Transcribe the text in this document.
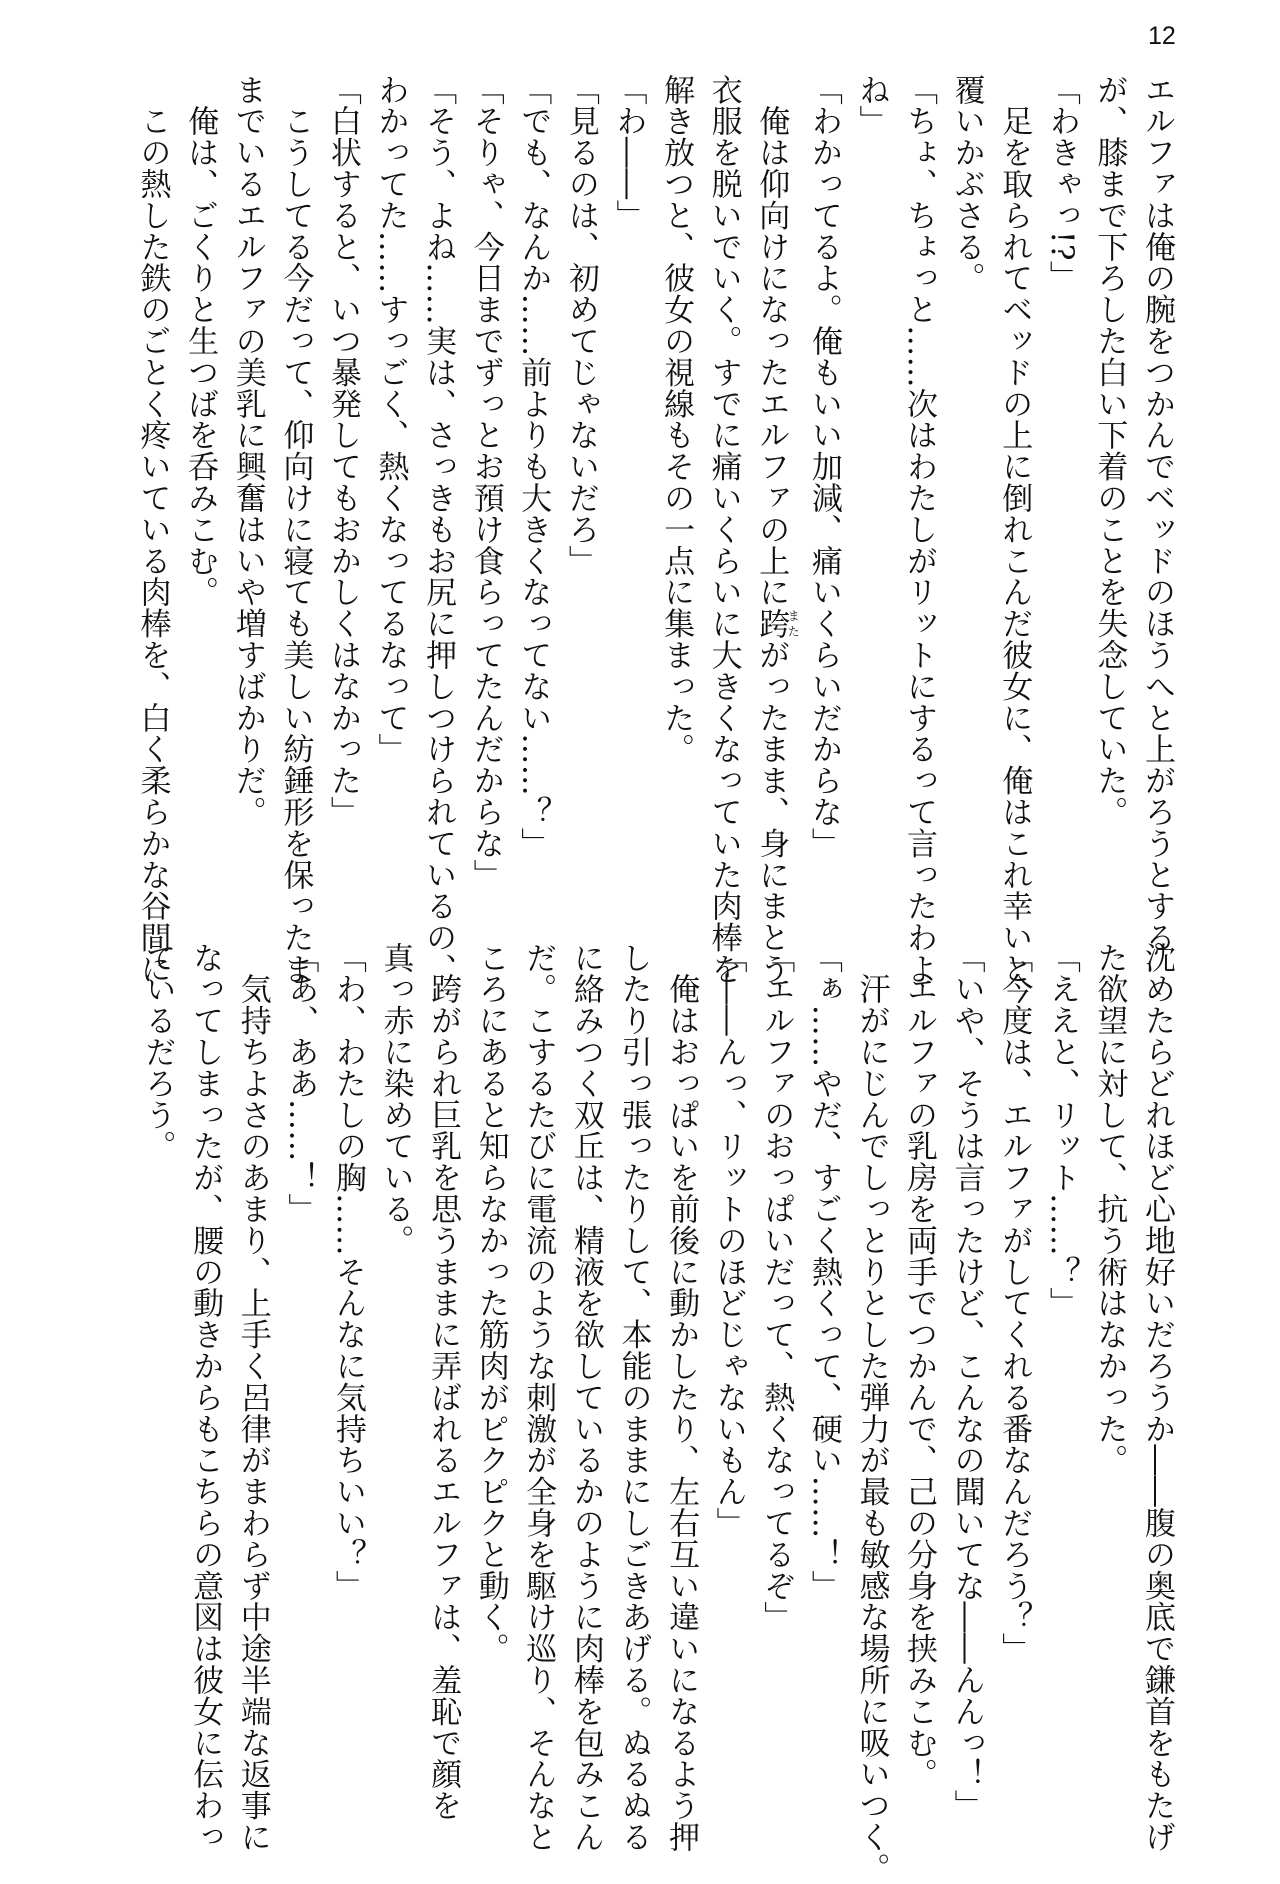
12
エルファは俺の腕をつかんでベッドのほうへと上がろうとする
が、膝まで下ろした白い下着のことを失念していた。
「わきゃっ!?」
　足を取られてベッドの上に倒れこんだ彼女に、俺はこれ幸いと
覆いかぶさる。
「ちょ、ちょっと……次はわたしがリットにするって言ったわよ
ね」
「わかってるよ。俺もいい加減、痛いくらいだからな」
　俺は仰向けになったエルファの上に跨またがったまま、身にまとう
衣服を脱いでいく。すでに痛いくらいに大きくなっていた肉棒を
解き放つと、彼女の視線もその一点に集まった。
「わ――」
「見るのは、初めてじゃないだろ」
「でも、なんか……前よりも大きくなってない……？」
「そりゃ、今日までずっとお預け食らってたんだからな」
「そう、よね……実は、さっきもお尻に押しつけられているの、
わかってた……すっごく、熱くなってるなって」
「白状すると、いつ暴発してもおかしくはなかった」
　こうしてる今だって、仰向けに寝ても美しい紡錘形を保ったま
までいるエルファの美乳に興奮はいや増すばかりだ。
　俺は、ごくりと生つばを呑みこむ。
　この熱した鉄のごとく疼いている肉棒を、白く柔らかな谷間に
沈めたらどれほど心地好いだろうか――腹の奥底で鎌首をもたげ
た欲望に対して、抗う術はなかった。
「ええと、リット……？」
「今度は、エルファがしてくれる番なんだろう？」
「いや、そうは言ったけど、こんなの聞いてな――んんっ！」
　エルファの乳房を両手でつかんで、己の分身を挟みこむ。
　汗がにじんでしっとりとした弾力が最も敏感な場所に吸いつく。
「ぁ……やだ、すごく熱くって、硬い……！」
「エルファのおっぱいだって、熱くなってるぞ」
「――んっ、リットのほどじゃないもん」
　俺はおっぱいを前後に動かしたり、左右互い違いになるよう押
したり引っ張ったりして、本能のままにしごきあげる。ぬるぬる
に絡みつく双丘は、精液を欲しているかのように肉棒を包みこん
だ。こするたびに電流のような刺激が全身を駆け巡り、そんなと
ころにあると知らなかった筋肉がピクピクと動く。
　跨がられ巨乳を思うままに弄ばれるエルファは、羞恥で顔を
真っ赤に染めている。
「わ、わたしの胸……そんなに気持ちいい？」
「あ、ああ……！」
　気持ちよさのあまり、上手く呂律がまわらず中途半端な返事に
なってしまったが、腰の動きからもこちらの意図は彼女に伝わっ
ているだろう。
